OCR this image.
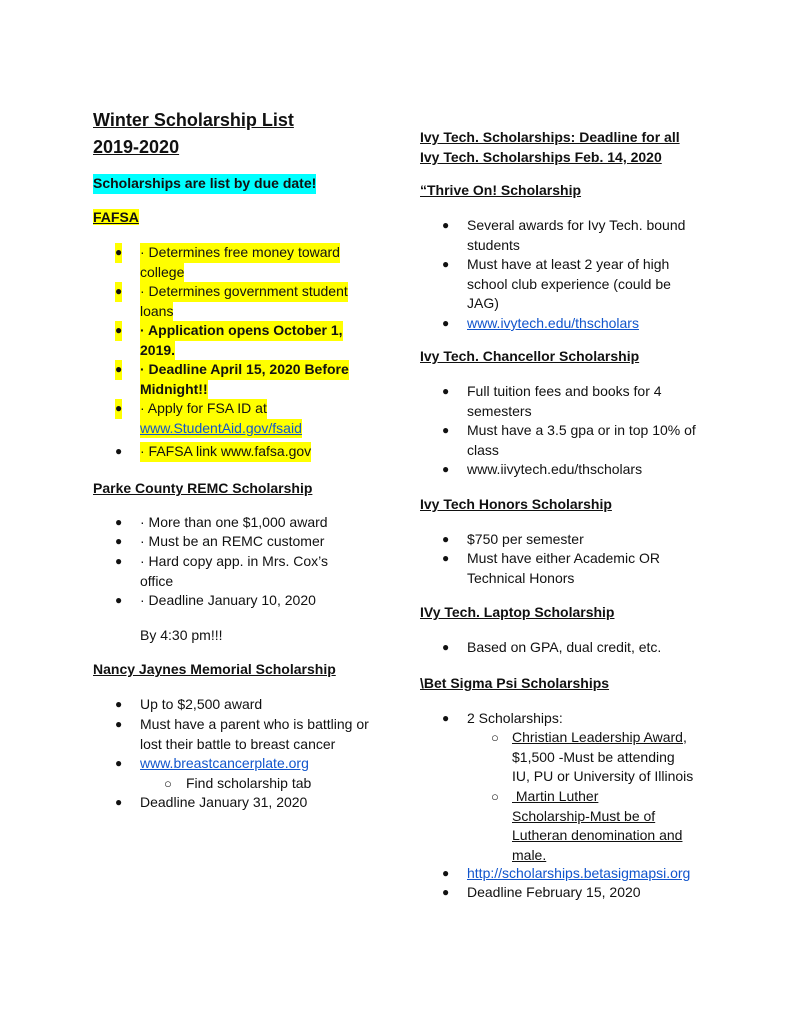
Winter Scholarship List
2019-2020
Scholarships are list by due date!
FAFSA
● · Determines free money toward
college
● · Determines government student
loans
● · Application opens October 1,
2019.
● · Deadline April 15, 2020 Before
Midnight!!
● · Apply for FSA ID at
www.StudentAid.gov/fsaid
● · FAFSA link www.fafsa.gov
Parke County REMC Scholarship
● · More than one $1,000 award
● · Must be an REMC customer
● · Hard copy app. in Mrs. Cox’s
office
● · Deadline January 10, 2020
By 4:30 pm!!!
Nancy Jaynes Memorial Scholarship
● Up to $2,500 award
● Must have a parent who is battling or
lost their battle to breast cancer
● www.breastcancerplate.org
○ Find scholarship tab
● Deadline January 31, 2020
Ivy Tech. Scholarships: Deadline for all
Ivy Tech. Scholarships Feb. 14, 2020
“Thrive On! Scholarship
● Several awards for Ivy Tech. bound
students
● Must have at least 2 year of high
school club experience (could be
JAG)
● www.ivytech.edu/thscholars
Ivy Tech. Chancellor Scholarship
● Full tuition fees and books for 4
semesters
● Must have a 3.5 gpa or in top 10% of
class
● www.iivytech.edu/thscholars
Ivy Tech Honors Scholarship
● $750 per semester
● Must have either Academic OR
Technical Honors
IVy Tech. Laptop Scholarship
● Based on GPA, dual credit, etc.
\Bet Sigma Psi Scholarships
● 2 Scholarships:
○ Christian Leadership Award,
$1,500 -Must be attending
IU, PU or University of Illinois
○ Martin Luther
Scholarship-Must be of
Lutheran denomination and
male.
● http://scholarships.betasigmapsi.org
● Deadline February 15, 2020
